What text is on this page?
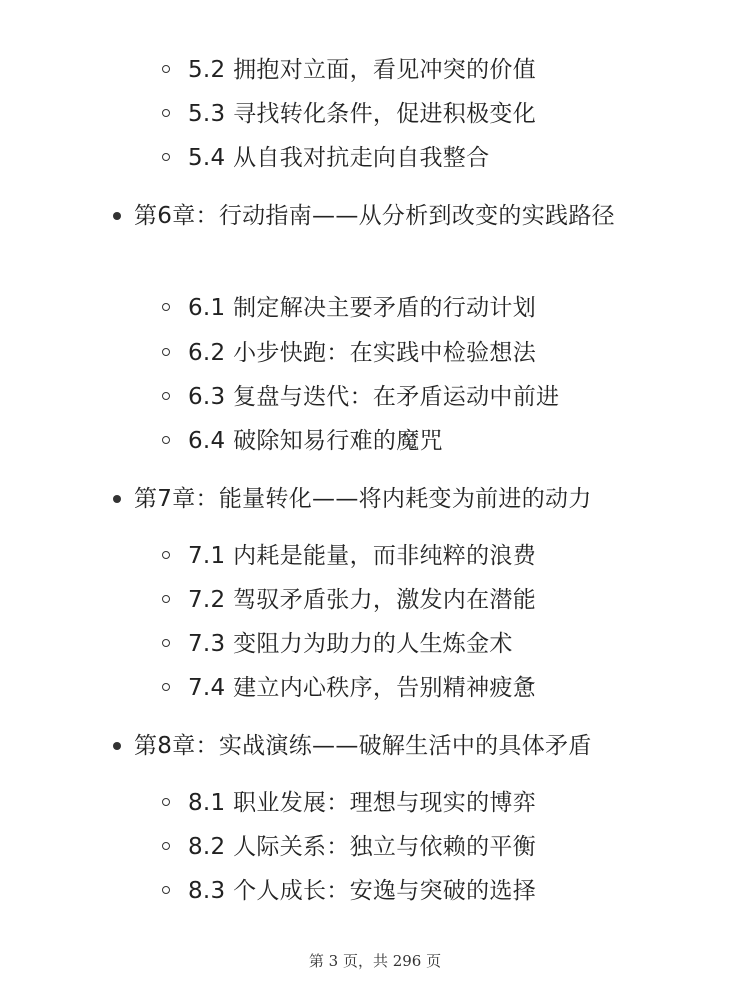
5.2 拥抱对立面，看见冲突的价值
5.3 寻找转化条件，促进积极变化
5.4 从自我对抗走向自我整合
第6章：行动指南——从分析到改变的实践路径
6.1 制定解决主要矛盾的行动计划
6.2 小步快跑：在实践中检验想法
6.3 复盘与迭代：在矛盾运动中前进
6.4 破除知易行难的魔咒
第7章：能量转化——将内耗变为前进的动力
7.1 内耗是能量，而非纯粹的浪费
7.2 驾驭矛盾张力，激发内在潜能
7.3 变阻力为助力的人生炼金术
7.4 建立内心秩序，告别精神疲惫
第8章：实战演练——破解生活中的具体矛盾
8.1 职业发展：理想与现实的博弈
8.2 人际关系：独立与依赖的平衡
8.3 个人成长：安逸与突破的选择
第 3 页，共 296 页
